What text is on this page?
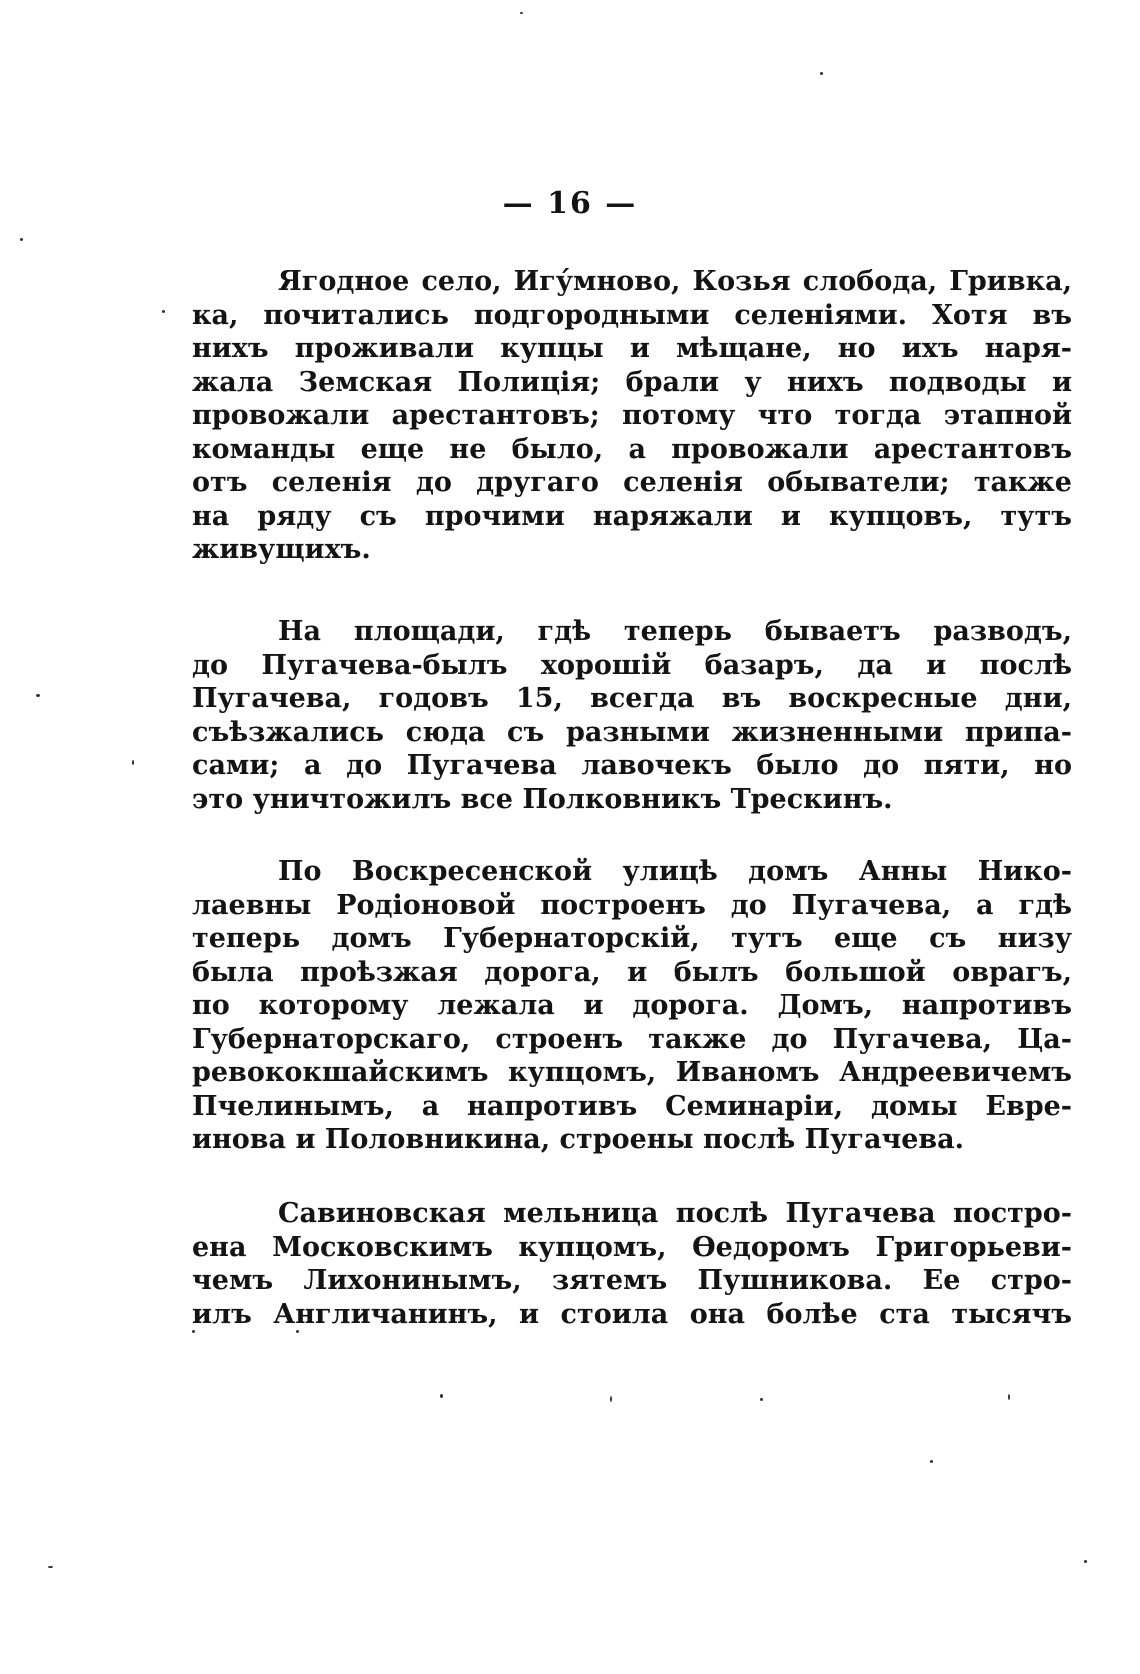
— 16 —
Ягодное село, Игу́мново, Козья слобода, Гривка,
ка, почитались подгородными селеніями. Хотя въ
нихъ проживали купцы и мѣщане, но ихъ наря-
жала Земская Полиція; брали у нихъ подводы и
провожали арестантовъ; потому что тогда этапной
команды еще не было, а провожали арестантовъ
отъ селенія до другаго селенія обыватели; также
на ряду съ прочими наряжали и купцовъ, тутъ
живущихъ.
На площади, гдѣ теперь бываетъ разводъ,
до Пугачева-былъ хорошій базаръ, да и послѣ
Пугачева, годовъ 15, всегда въ воскресные дни,
съѣзжались сюда съ разными жизненными припа-
сами; а до Пугачева лавочекъ было до пяти, но
это уничтожилъ все Полковникъ Трескинъ.
По Воскресенской улицѣ домъ Анны Нико-
лаевны Родіоновой построенъ до Пугачева, а гдѣ
теперь домъ Губернаторскій, тутъ еще съ низу
была проѣзжая дорога, и былъ большой оврагъ,
по которому лежала и дорога. Домъ, напротивъ
Губернаторскаго, строенъ также до Пугачева, Ца-
ревококшайскимъ купцомъ, Иваномъ Андреевичемъ
Пчелинымъ, а напротивъ Семинаріи, домы Евре-
инова и Половникина, строены послѣ Пугачева.
Савиновская мельница послѣ Пугачева постро-
ена Московскимъ купцомъ, Өедоромъ Григорьеви-
чемъ Лихонинымъ, зятемъ Пушникова. Ее стро-
илъ Англичанинъ, и стоила она болѣе ста тысячъ
